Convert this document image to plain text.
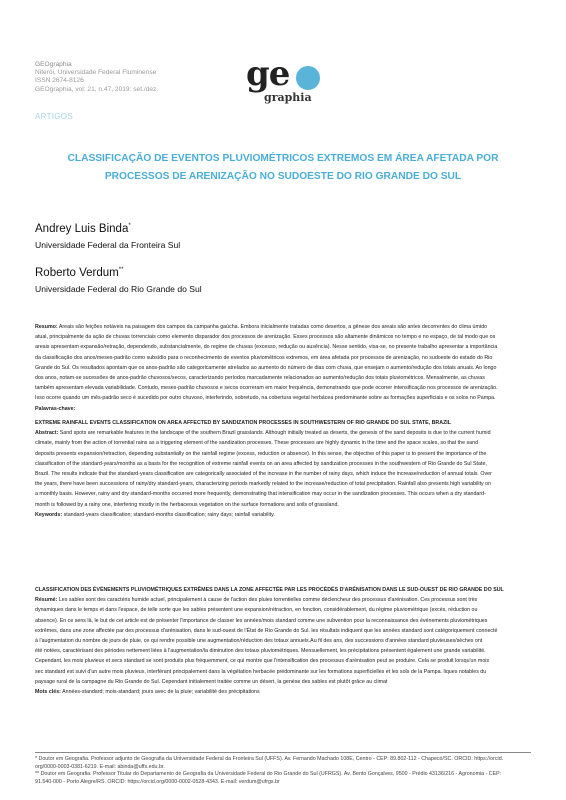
GEOgraphia
Niterói, Universidade Federal Fluminense
ISSN 2674-8126
GEOgraphia, vol: 21, n.47, 2019: set./dez.	ge
graphia
ARTIGOS
CLASSIFICAÇÃO DE EVENTOS PLUVIOMÉTRICOS EXTREMOS EM ÁREA AFETADA POR
PROCESSOS DE ARENIZAÇÃO NO SUDOESTE DO RIO GRANDE DO SUL
Andrey Luis Binda*
Universidade Federal da Fronteira Sul
Roberto Verdum**
Universidade Federal do Rio Grande do Sul
Resumo: Areais são feições notáveis na paisagem dos campos da campanha gaúcha. Embora inicialmente tratadas como desertos, a gênese dos areais são antes decorrentes do clima úmido
atual, principalmente da ação de chuvas torrenciais como elemento disparador dos processos de arenização. Esses processos são altamente dinâmicos no tempo e no espaço, de tal modo que os
areais apresentam expansão/retração, dependendo, substancialmente, do regime de chuvas (excesso, redução ou ausência). Nesse sentido, visa-se, no presente trabalho apresentar a importância
da classificação dos anos/meses-padrão como subsídio para o reconhecimento de eventos pluviométricos extremos, em área afetada por processos de arenização, no sudoeste do estado do Rio
Grande do Sul. Os resultados apontam que os anos-padrão são categoricamente atrelados ao aumento do número de dias com chuva, que ensejam o aumento/redução dos totais anuais. Ao longo
dos anos, notam-se sucessões de anos-padrão chuvosos/secos, caracterizando períodos marcadamente relacionados ao aumento/redução dos totais pluviométricos. Mensalmente, as chuvas
também apresentam elevada variabilidade. Contudo, meses-padrão chuvosos e secos ocorreram em maior frequência, demonstrando que pode ocorrer intensificação nos processos de arenização.
Isso ocorre quando um mês-padrão seco é sucedido por outro chuvoso, interferindo, sobretudo, na cobertura vegetal herbácea predominante sobre as formações superficiais e os solos no Pampa.
Palavras-chave:
EXTREME RAINFALL EVENTS CLASSIFICATION ON AREA AFFECTED BY SANDIZATION PROCESSES IN SOUTHWESTERN OF RIO GRANDE DO SUL STATE, BRAZIL
Abstract: Sand spots are remarkable features in the landscape of the southern Brazil grasslands. Although initially treated as deserts, the genesis of the sand deposits is due to the current humid
climate, mainly from the action of torrential rains as a triggering element of the sandization processes. These processes are highly dynamic in the time and the space scales, so that the sand
deposits presents expansion/retraction, depending substantially on the rainfall regime (excess, reduction or absence). In this sense, the objective of this paper is to present the importance of the
classification of the standard-years/months as a basis for the recognition of extreme rainfall events on an area affected by sandization processes in the southwestern of Rio Grande do Sul State,
Brazil. The results indicate that the standard-years classification are categorically associated of the increase in the number of rainy days, which induce the increase/reduction of annual totals. Over
the years, there have been successions of rainy/dry standard-years, characterizing periods markedly related to the increase/reduction of total precipitation. Rainfall also presents high variability on
a monthly basis. However, rainy and dry standard-months occurred more frequently, demonstrating that intensification may occur in the sandization processes. This occurs when a dry standard-
month is followed by a rainy one, interfering mostly in the herbaceous vegetation on the surface formations and soils of grassland.
Keywords: standard-years classification; standard-months classification; rainy days; rainfall variability.
CLASSIFICATION DES ÉVÉNEMENTS PLUVIOMÉTRIQUES EXTRÊMES DANS LA ZONE AFFECTÉE PAR LES PROCÉDÉS D'ARÉNISATION DANS LE SUD-OUEST DE RIO GRANDE DO SUL
Résumé: Les sables sont des caractéris humide actuel, principalement à cause de l'action des pluies torrentielles comme déclencheur des processus d'arénisation. Ces processus sont très
dynamiques dans le temps et dans l'espace, de telle sorte que les sables présentent une expansion/rétraction, en fonction, considérablement, du régime pluviométrique (excès, réduction ou
absence). En ce sens là, le but de cet article est de présenter l'importance de classer les années/mois standard comme une subvention pour la reconnaissance des événements pluviométriques
extrêmes, dans une zone affectée par des processus d'arénisation, dans le sud-ouest de l'État de Rio Grande do Sul. les résultats indiquent que les années standard sont catégoriquement connecté
à l'augmentation du nombre de jours de pluie, ce qui rendre possible une augmentation/réduction des totaux annuels.Au fil des ans, des successions d'années standard pluvieuses/sèches ont
été notées, caractérisant des périodes nettement liées à l'augmentation/la diminution des totaux pluviométriques. Mensuellement, les précipitations présentent également une grande variabilité.
Cependant, les mois pluvieux et secs standard se sont produits plus fréquemment, ce qui montre que l'intensification des processus d'arénisation peut se produire. Cela se produit lorsqu'un mois
sec standard est suivi d'un autre mois pluvieux, interférant principalement dans la végétation herbacée prédominante sur les formations superficielles et les sols de la Pampa. liques notables du
paysage rural de la campagne du Rio Grande do Sul. Cependant initialement traitée comme un désert, la genèse des sables est plutôt grâce au climat
Mots clés: Années-standard; mois-standard; jours avec de la pluie; variabilité des précipitations
* Doutor em Geografia. Professor adjunto de Geografia da Universidade Federal da Fronteira Sul (UFFS). Av. Fernando Machado 108E, Centro - CEP: 89.802-112 - Chapecó/SC. ORCID: https://orcid.
org/0000-0003-0381-6219. E-mail: abinda@uffs.edu.br.
** Doutor em Geografia. Professor Titular do Departamento de Geografia da Universidade Federal do Rio Grande do Sul (UFRGS). Av. Bento Gonçalves, 9500 - Prédio 43136/216 - Agronomia - CEP:
91.540-000 - Porto Alegre/RS. ORCID: https://orcid.org/0000-0002-0528-4343. E-mail: verdum@ufrgs.br
